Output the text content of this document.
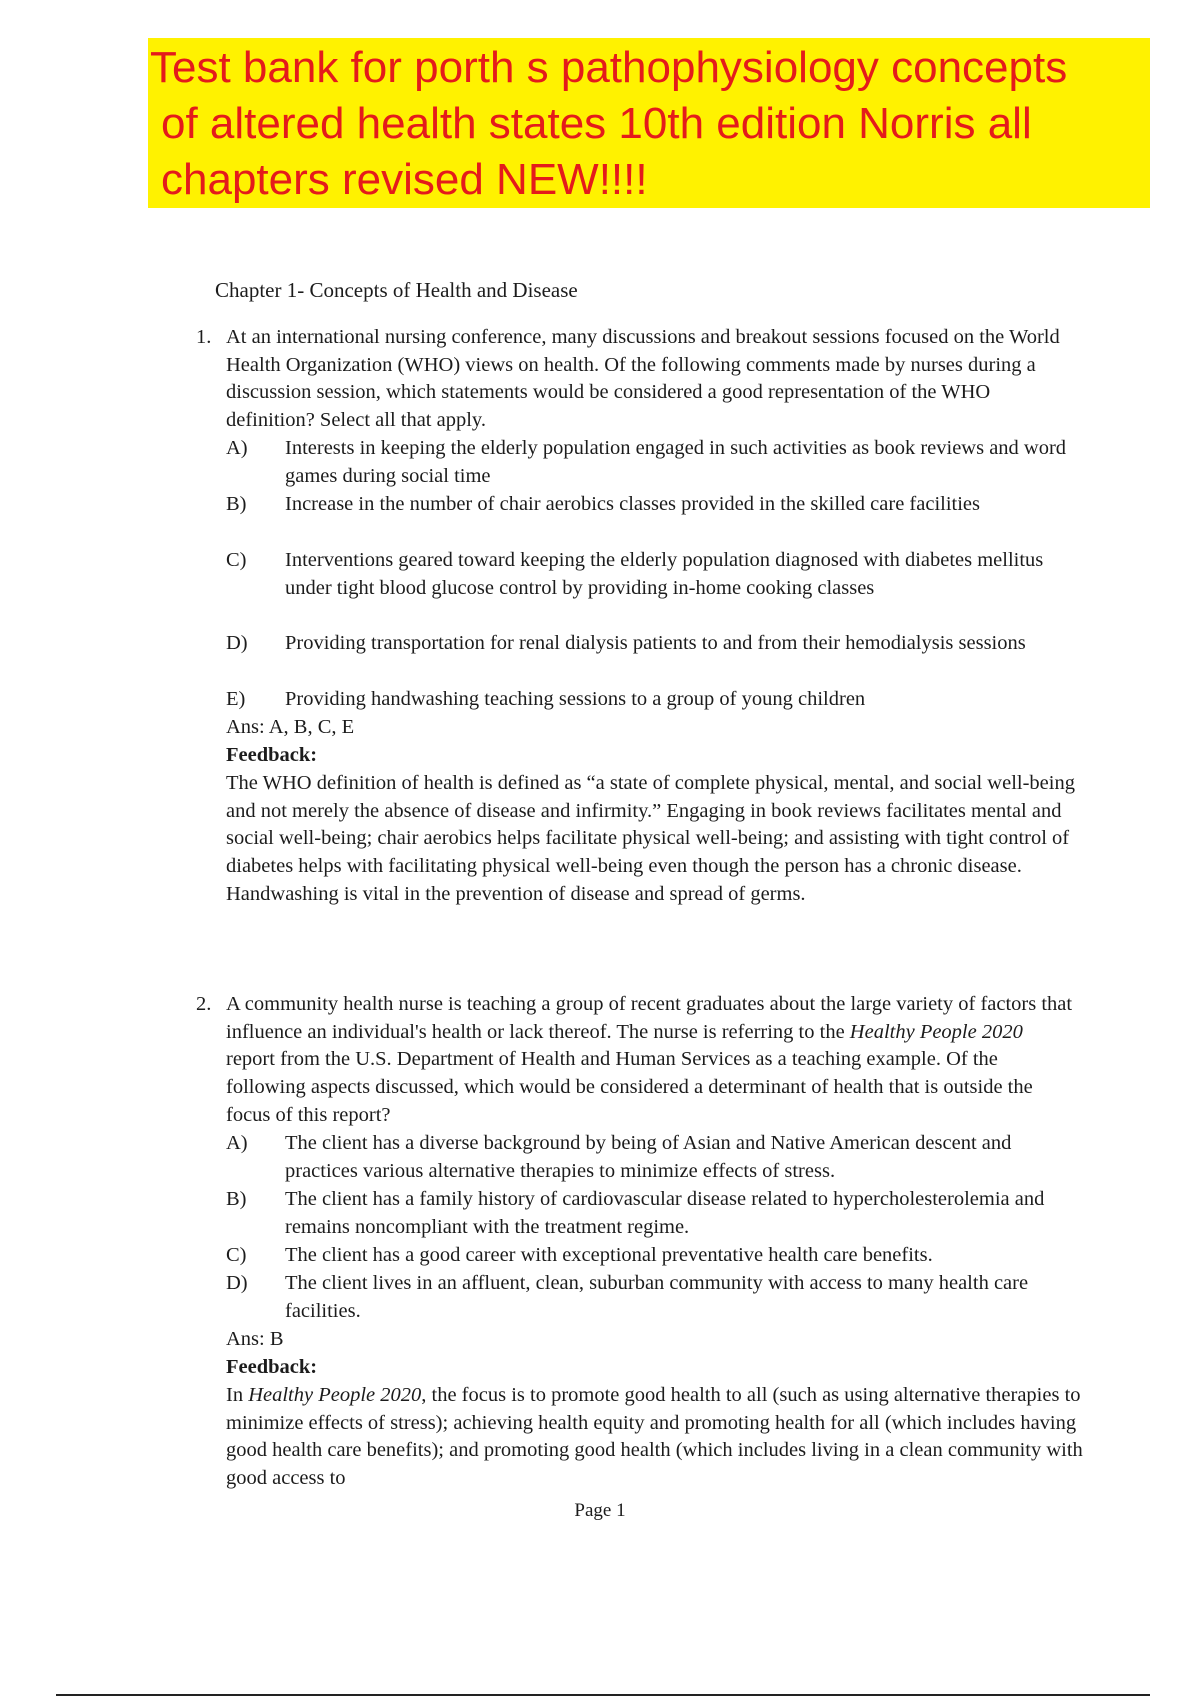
Test bank for porth s pathophysiology concepts
of altered health states 10th edition Norris all
chapters revised NEW!!!!
Chapter 1- Concepts of Health and Disease
1. At an international nursing conference, many discussions and breakout sessions focused on the World Health Organization (WHO) views on health. Of the following comments made by nurses during a discussion session, which statements would be considered a good representation of the WHO definition? Select all that apply.

A) Interests in keeping the elderly population engaged in such activities as book reviews and word games during social time
B) Increase in the number of chair aerobics classes provided in the skilled care facilities
C) Interventions geared toward keeping the elderly population diagnosed with diabetes mellitus under tight blood glucose control by providing in-home cooking classes
D) Providing transportation for renal dialysis patients to and from their hemodialysis sessions
E) Providing handwashing teaching sessions to a group of young children
Ans: A, B, C, E
Feedback:

The WHO definition of health is defined as “a state of complete physical, mental, and social well-being and not merely the absence of disease and infirmity.” Engaging in book reviews facilitates mental and social well-being; chair aerobics helps facilitate physical well-being; and assisting with tight control of diabetes helps with facilitating physical well-being even though the person has a chronic disease. Handwashing is vital in the prevention of disease and spread of germs.

2. A community health nurse is teaching a group of recent graduates about the large variety of factors that influence an individual's health or lack thereof. The nurse is referring to the Healthy People 2020 report from the U.S. Department of Health and Human Services as a teaching example. Of the following aspects discussed, which would be considered a determinant of health that is outside the focus of this report?

A) The client has a diverse background by being of Asian and Native American descent and practices various alternative therapies to minimize effects of stress.
B) The client has a family history of cardiovascular disease related to hypercholesterolemia and remains noncompliant with the treatment regime.
C) The client has a good career with exceptional preventative health care benefits.
D) The client lives in an affluent, clean, suburban community with access to many health care facilities.
Ans: B
Feedback:

In Healthy People 2020, the focus is to promote good health to all (such as using alternative therapies to minimize effects of stress); achieving health equity and promoting health for all (which includes having good health care benefits); and promoting good health (which includes living in a clean community with good access to

Page 1
